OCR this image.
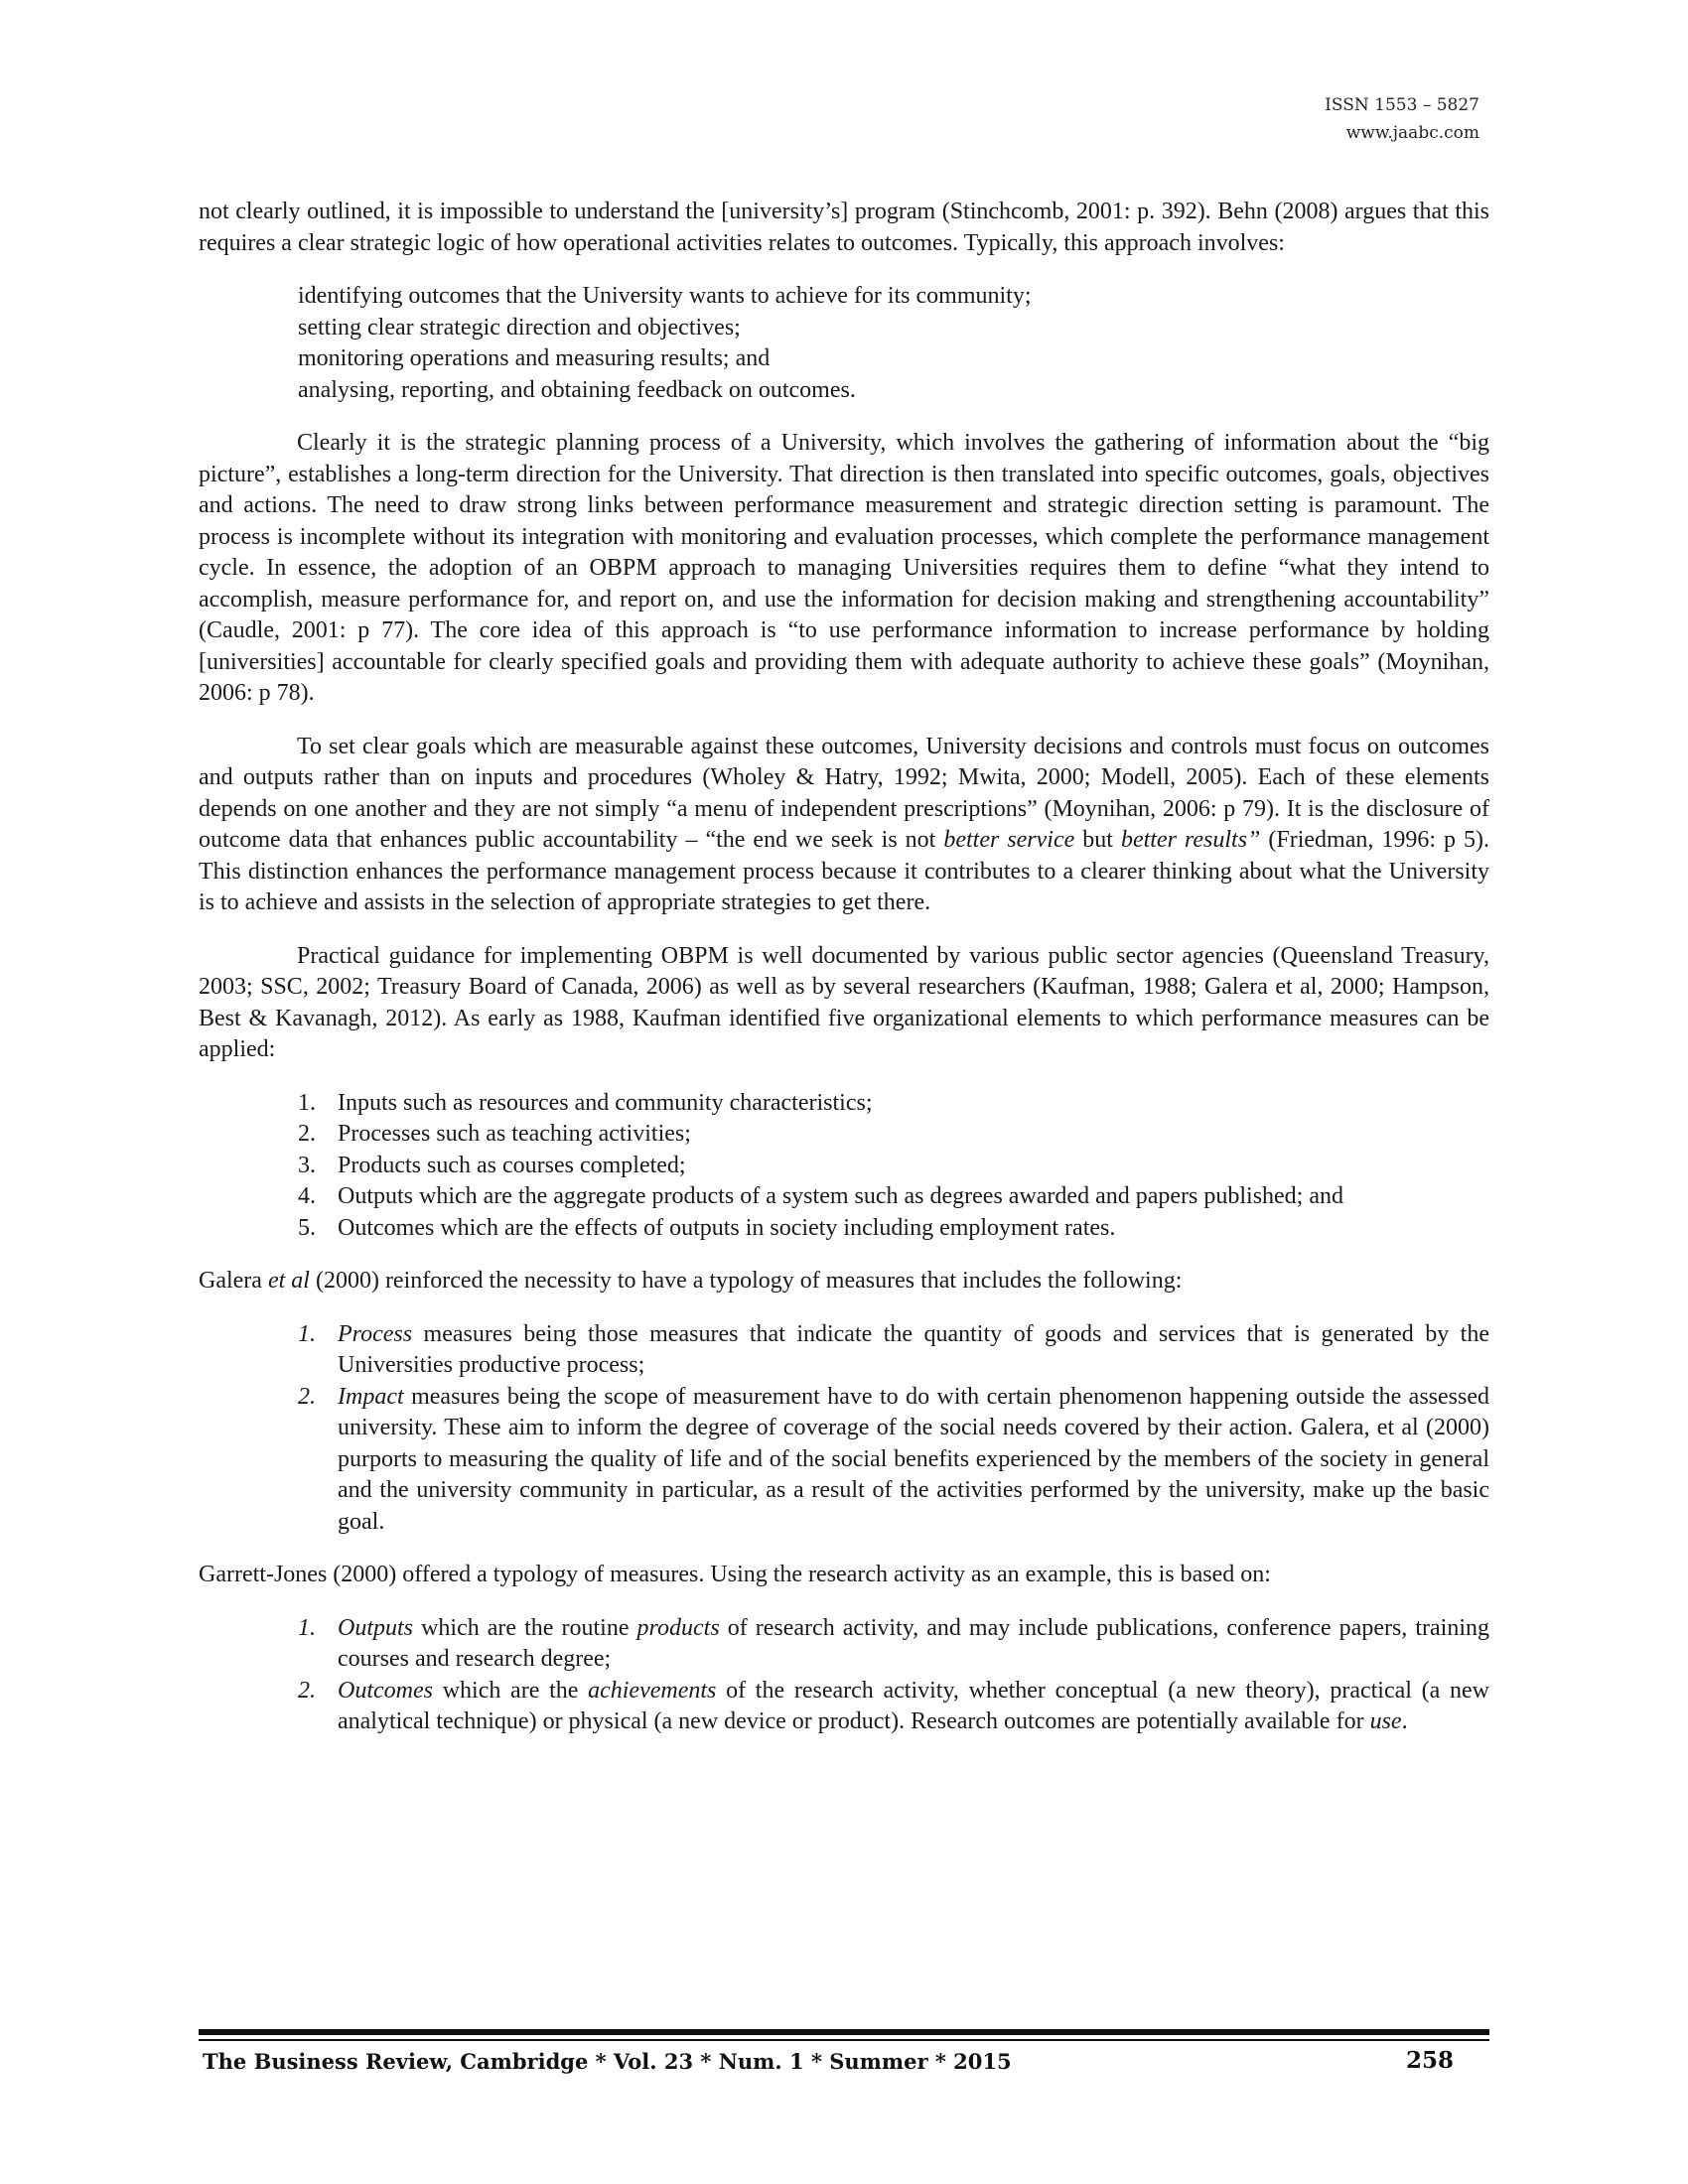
ISSN 1553 – 5827
www.jaabc.com

not clearly outlined, it is impossible to understand the [university’s] program (Stinchcomb, 2001: p. 392). Behn (2008) argues that this requires a clear strategic logic of how operational activities relates to outcomes. Typically, this approach involves:

identifying outcomes that the University wants to achieve for its community;
setting clear strategic direction and objectives;
monitoring operations and measuring results; and
analysing, reporting, and obtaining feedback on outcomes.

Clearly it is the strategic planning process of a University, which involves the gathering of information about the “big picture”, establishes a long-term direction for the University. That direction is then translated into specific outcomes, goals, objectives and actions. The need to draw strong links between performance measurement and strategic direction setting is paramount. The process is incomplete without its integration with monitoring and evaluation processes, which complete the performance management cycle. In essence, the adoption of an OBPM approach to managing Universities requires them to define “what they intend to accomplish, measure performance for, and report on, and use the information for decision making and strengthening accountability” (Caudle, 2001: p 77). The core idea of this approach is “to use performance information to increase performance by holding [universities] accountable for clearly specified goals and providing them with adequate authority to achieve these goals” (Moynihan, 2006: p 78).

To set clear goals which are measurable against these outcomes, University decisions and controls must focus on outcomes and outputs rather than on inputs and procedures (Wholey & Hatry, 1992; Mwita, 2000; Modell, 2005). Each of these elements depends on one another and they are not simply “a menu of independent prescriptions” (Moynihan, 2006: p 79). It is the disclosure of outcome data that enhances public accountability – “the end we seek is not better service but better results” (Friedman, 1996: p 5). This distinction enhances the performance management process because it contributes to a clearer thinking about what the University is to achieve and assists in the selection of appropriate strategies to get there.

Practical guidance for implementing OBPM is well documented by various public sector agencies (Queensland Treasury, 2003; SSC, 2002; Treasury Board of Canada, 2006) as well as by several researchers (Kaufman, 1988; Galera et al, 2000; Hampson, Best & Kavanagh, 2012). As early as 1988, Kaufman identified five organizational elements to which performance measures can be applied:

1. Inputs such as resources and community characteristics;
2. Processes such as teaching activities;
3. Products such as courses completed;
4. Outputs which are the aggregate products of a system such as degrees awarded and papers published; and
5. Outcomes which are the effects of outputs in society including employment rates.

Galera et al (2000) reinforced the necessity to have a typology of measures that includes the following:

1. Process measures being those measures that indicate the quantity of goods and services that is generated by the Universities productive process;
2. Impact measures being the scope of measurement have to do with certain phenomenon happening outside the assessed university. These aim to inform the degree of coverage of the social needs covered by their action. Galera, et al (2000) purports to measuring the quality of life and of the social benefits experienced by the members of the society in general and the university community in particular, as a result of the activities performed by the university, make up the basic goal.

Garrett-Jones (2000) offered a typology of measures. Using the research activity as an example, this is based on:

1. Outputs which are the routine products of research activity, and may include publications, conference papers, training courses and research degree;
2. Outcomes which are the achievements of the research activity, whether conceptual (a new theory), practical (a new analytical technique) or physical (a new device or product). Research outcomes are potentially available for use.
The Business Review, Cambridge * Vol. 23 * Num. 1 * Summer * 2015	258
